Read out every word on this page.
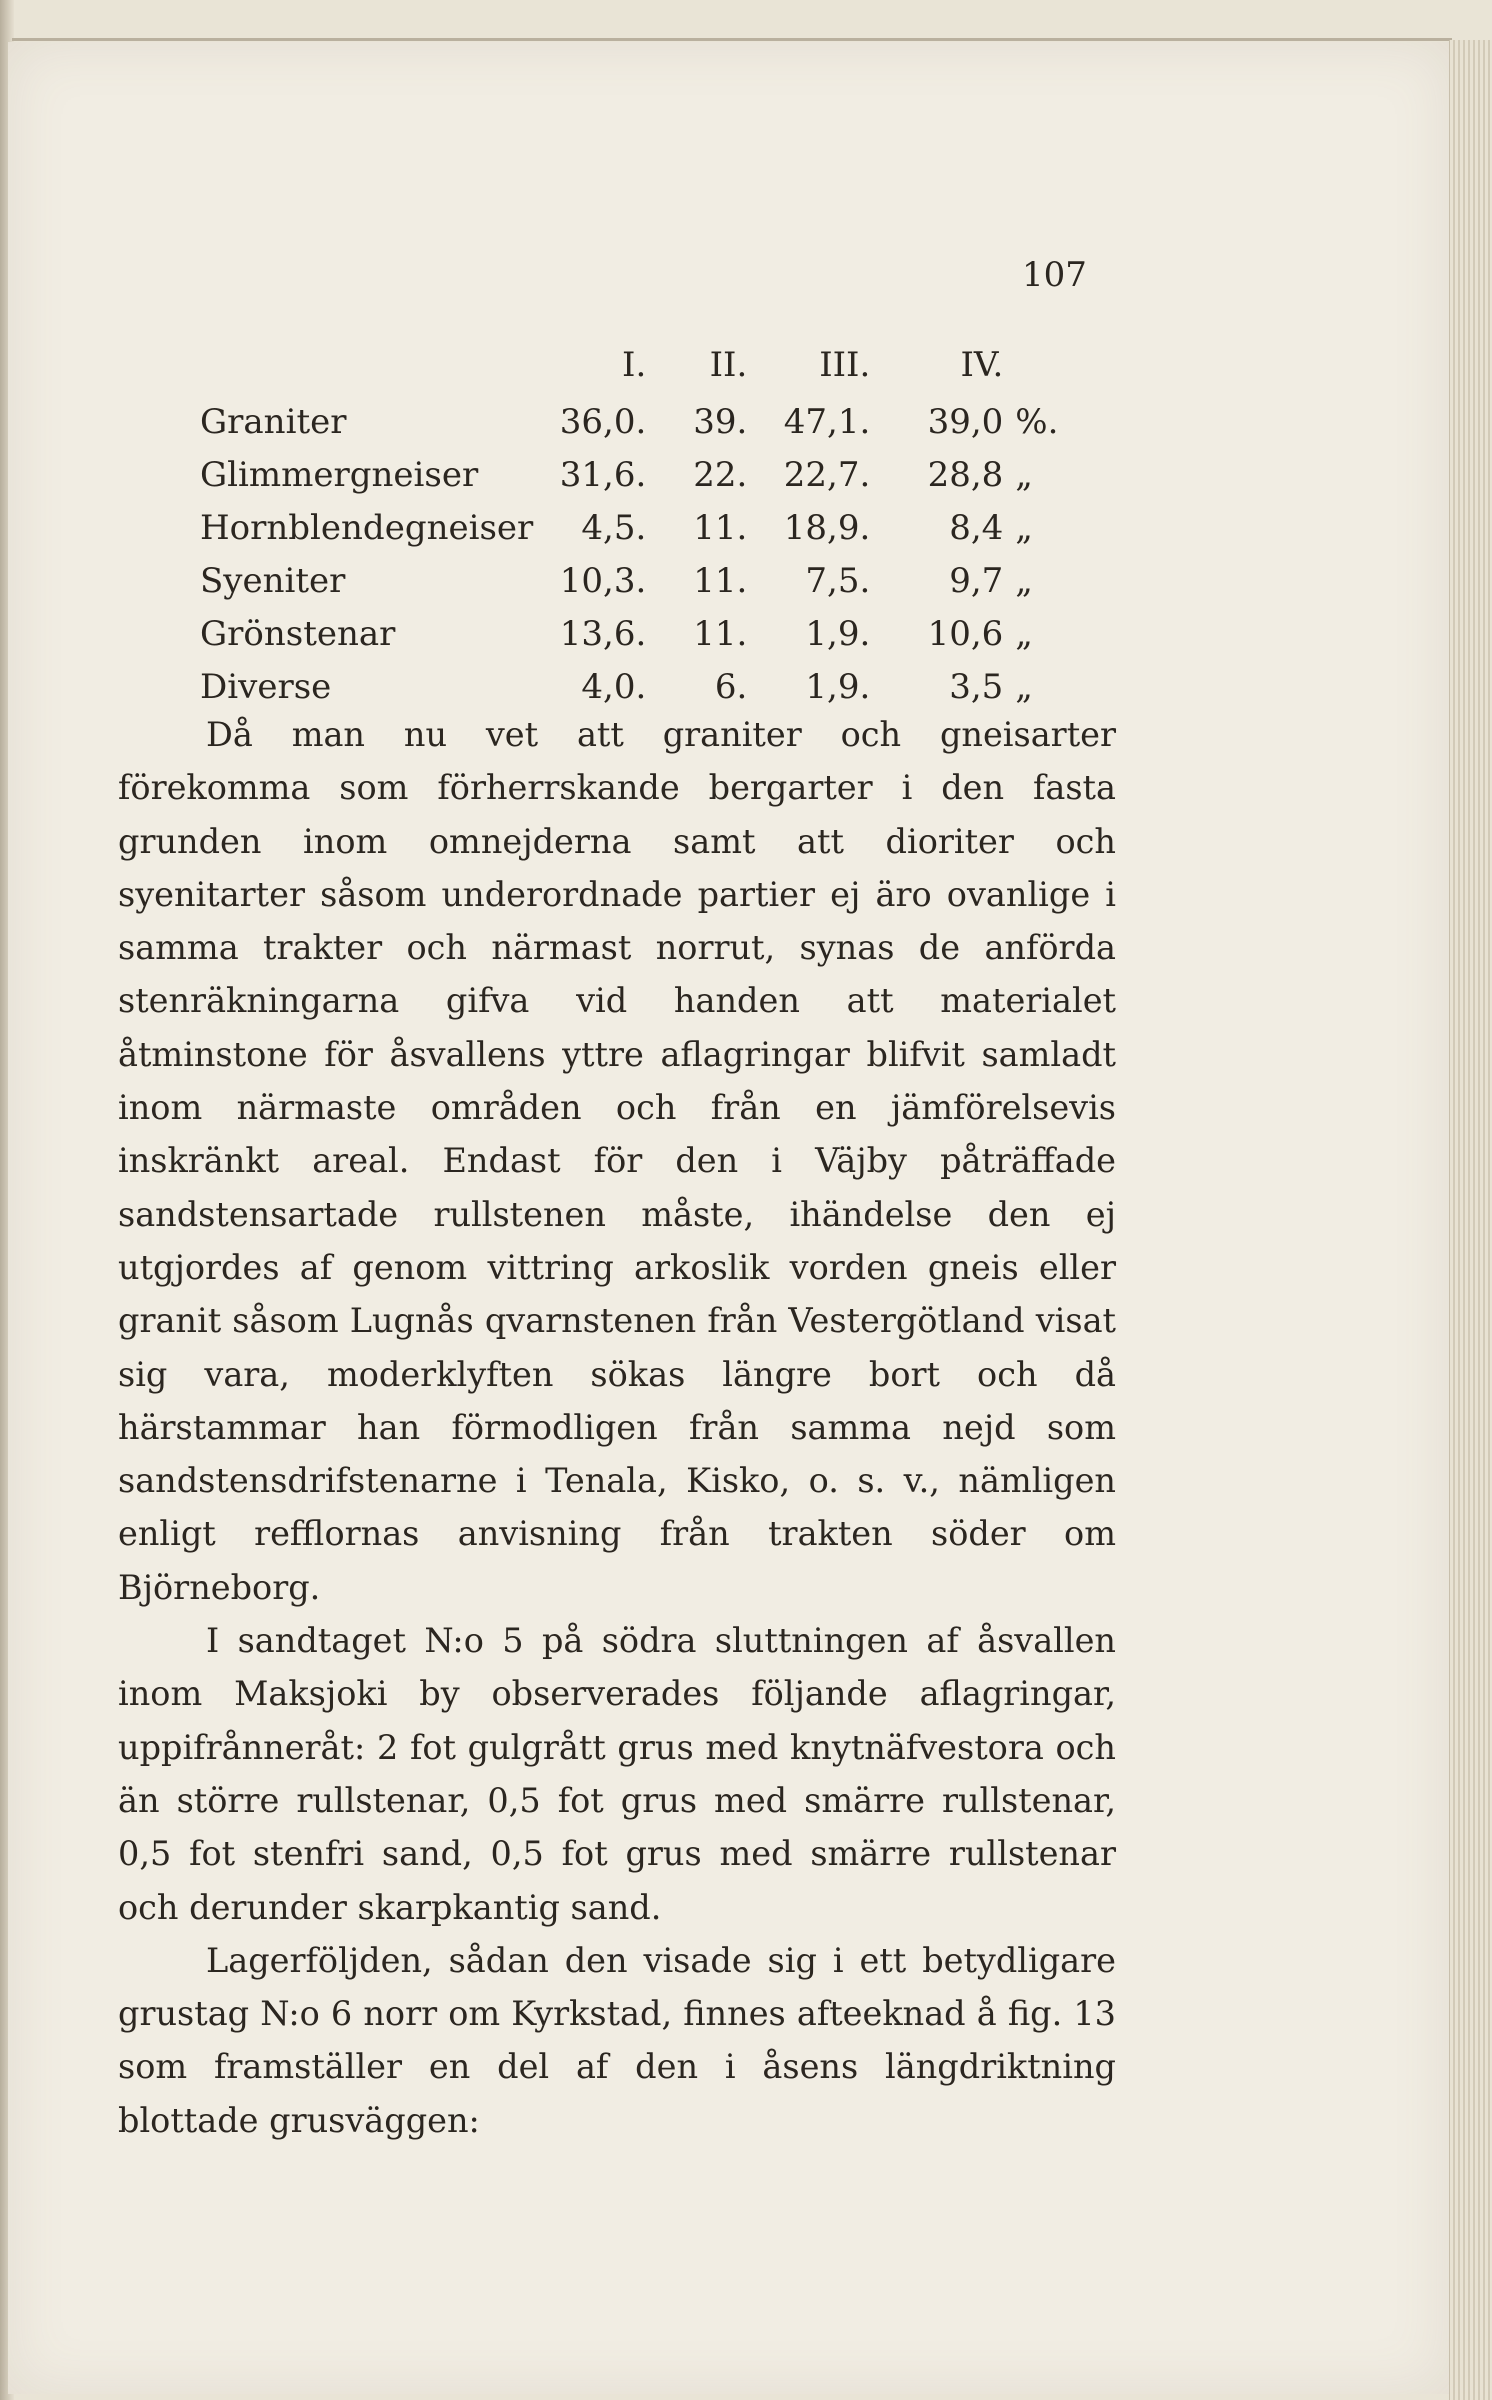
107
	I.	II.	III.	IV.	
Graniter	36,0.	39.	47,1.	39,0	%.
Glimmergneiser	31,6.	22.	22,7.	28,8	„
Hornblendegneiser	4,5.	11.	18,9.	8,4	„
Syeniter	10,3.	11.	7,5.	9,7	„
Grönstenar	13,6.	11.	1,9.	10,6	„
Diverse	4,0.	6.	1,9.	3,5	„

Då man nu vet att graniter och gneisarter förekomma som förherrskande bergarter i den fasta grunden inom omnejderna samt att dioriter och syenitarter såsom underordnade partier ej äro ovanlige i samma trakter och närmast norrut, synas de anförda stenräkningarna gifva vid handen att materialet åtminstone för åsvallens yttre aflagringar blifvit samladt inom närmaste områden och från en jämförelsevis inskränkt areal. Endast för den i Väjby påträffade sandstensartade rullstenen måste, ihändelse den ej utgjordes af genom vittring arkoslik vorden gneis eller granit såsom Lugnås qvarnstenen från Vestergötland visat sig vara, moderklyften sökas längre bort och då härstammar han förmodligen från samma nejd som sandstensdrifstenarne i Tenala, Kisko, o. s. v., nämligen enligt refflornas anvisning från trakten söder om Björneborg.

I sandtaget N:o 5 på södra sluttningen af åsvallen inom Maksjoki by observerades följande aflagringar, uppifrånneråt: 2 fot gulgrått grus med knytnäfvestora och än större rullstenar, 0,5 fot grus med smärre rullstenar, 0,5 fot stenfri sand, 0,5 fot grus med smärre rullstenar och derunder skarpkantig sand.

Lagerföljden, sådan den visade sig i ett betydligare grustag N:o 6 norr om Kyrkstad, finnes afteeknad å fig. 13 som framställer en del af den i åsens längdriktning blottade grusväggen:
